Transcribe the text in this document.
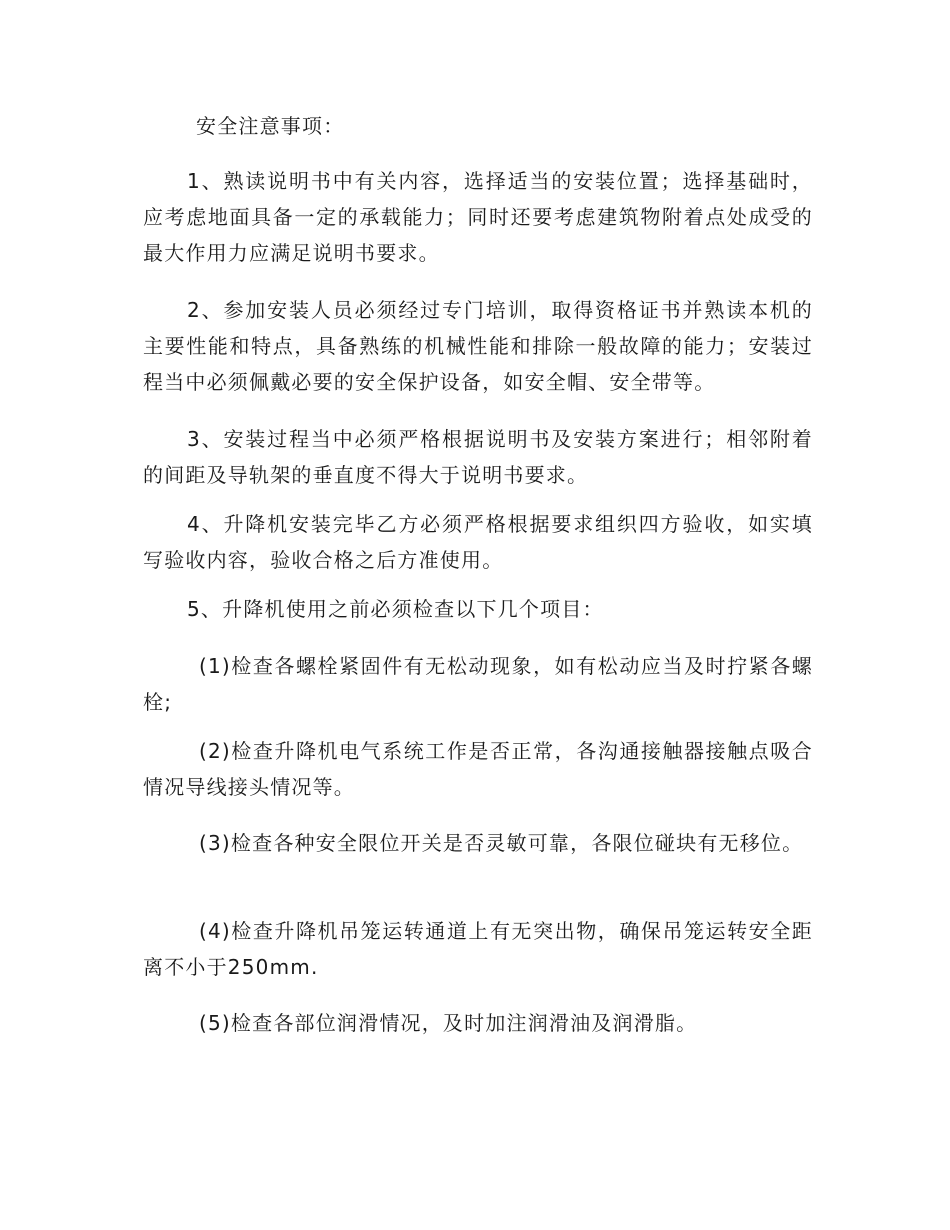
安全注意事项：

1、熟读说明书中有关内容，选择适当的安装位置；选择基础时，应考虑地面具备一定的承载能力；同时还要考虑建筑物附着点处成受的最大作用力应满足说明书要求。

2、参加安装人员必须经过专门培训，取得资格证书并熟读本机的主要性能和特点，具备熟练的机械性能和排除一般故障的能力；安装过程当中必须佩戴必要的安全保护设备，如安全帽、安全带等。

3、安装过程当中必须严格根据说明书及安装方案进行；相邻附着的间距及导轨架的垂直度不得大于说明书要求。

4、升降机安装完毕乙方必须严格根据要求组织四方验收，如实填写验收内容，验收合格之后方准使用。

5、升降机使用之前必须检查以下几个项目：

(1)检查各螺栓紧固件有无松动现象，如有松动应当及时拧紧各螺栓;

(2)检查升降机电气系统工作是否正常，各沟通接触器接触点吸合情况导线接头情况等。

(3)检查各种安全限位开关是否灵敏可靠，各限位碰块有无移位。

(4)检查升降机吊笼运转通道上有无突出物，确保吊笼运转安全距离不小于250mm.

(5)检查各部位润滑情况，及时加注润滑油及润滑脂。
